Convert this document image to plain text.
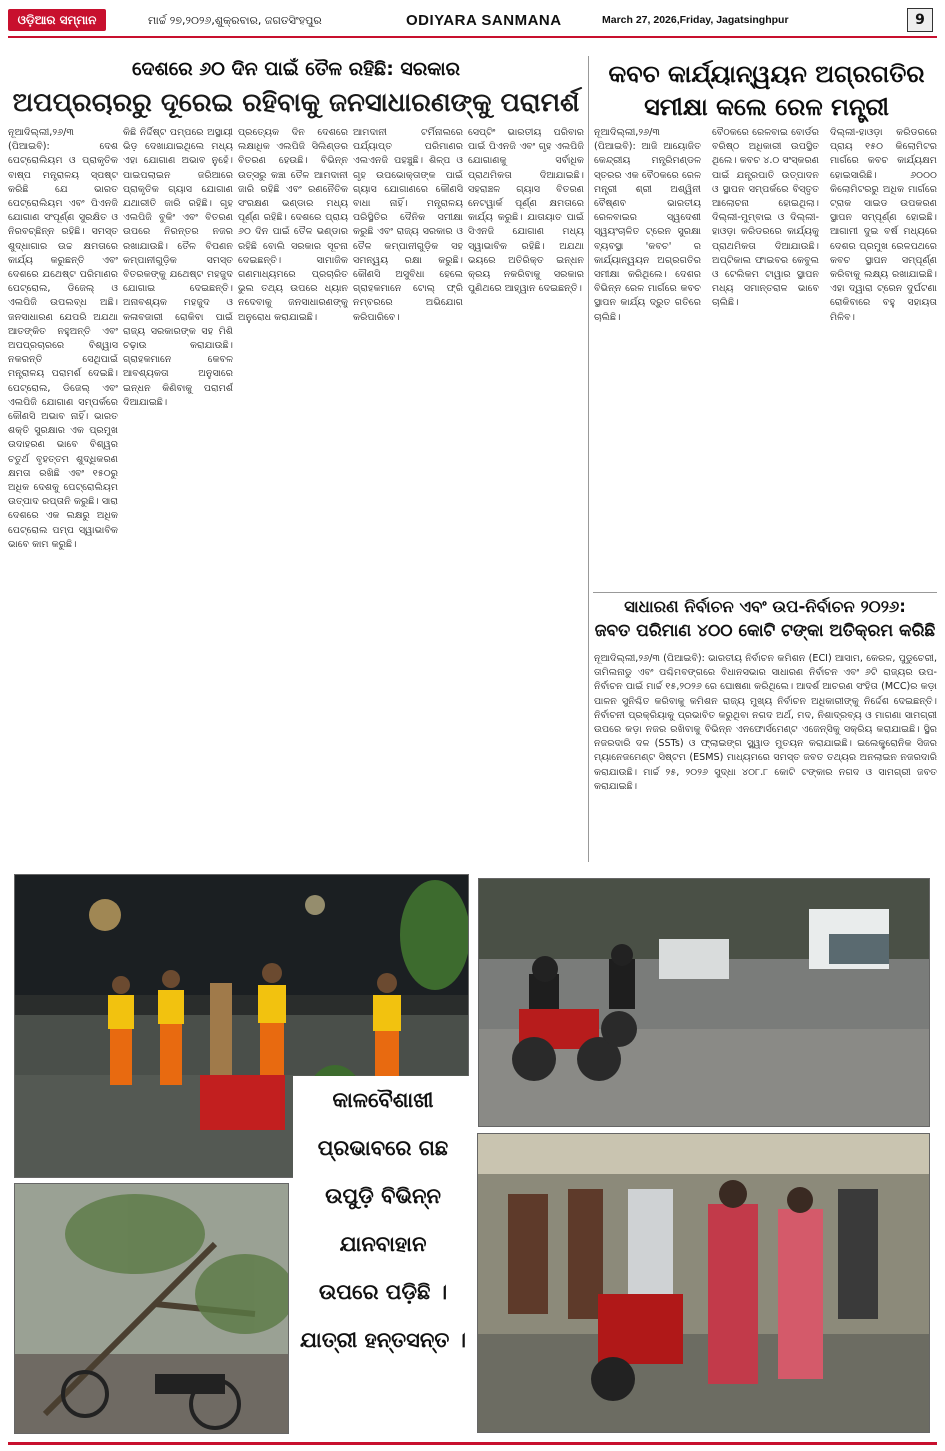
ଓଡ଼ିଆର ସମ୍ମାନ	ମାର୍ଚ୍ଚ ୨୭,୨୦୨୬,ଶୁକ୍ରବାର, ଜଗତସିଂହପୁର	ODIYARA SANMANA	March 27, 2026,Friday, Jagatsinghpur	9
ଦେଶରେ ୬୦ ଦିନ ପାଇଁ ତୈଳ ରହିଛି: ସରକାର
ଅପପ୍ରଚାରରୁ ଦୂରେଇ ରହିବାକୁ ଜନସାଧାରଣଙ୍କୁ ପରାମର୍ଶ
କବଚ କାର୍ଯ୍ୟାନ୍ୱୟନ ଅଗ୍ରଗତିର
ସମୀକ୍ଷା କଲେ ରେଳ ମନ୍ତ୍ରୀ

ନୂଆଦିଲ୍ଲୀ,୨୬/୩ (ପିଆଇବି): ଦେଶ ପେଟ୍ରୋଲିୟମ ଓ ପ୍ରାକୃତିକ ବାଷ୍ପ ମନ୍ତ୍ରାଳୟ ସ୍ପଷ୍ଟ କରିଛି ଯେ ଭାରତ ପେଟ୍ରୋଲିୟମ ଏବଂ ପିଏନଜି ଯୋଗାଣ ସଂପୂର୍ଣ୍ଣ ସୁରକ୍ଷିତ ଓ ନିରବଚ୍ଛିନ୍ନ ରହିଛି। ସମସ୍ତ ଶୁଦ୍ଧାଗାର ଉଚ୍ଚ କ୍ଷମତାରେ କାର୍ଯ୍ୟ କରୁଛନ୍ତି ଏବଂ ଦେଶରେ ଯଥେଷ୍ଟ ପରିମାଣର ପେଟ୍ରୋଲ, ଡିଜେଲ୍ ଓ ଏଲପିଜି ଉପଲବ୍ଧ ଅଛି। ଜନସାଧାରଣ ଯେପରି ଅଯଥା ଆତଙ୍କିତ ନହୁଅନ୍ତି ଏବଂ ଅପପ୍ରଚାରରେ ବିଶ୍ୱାସ ନକରନ୍ତି ସେଥିପାଇଁ ମନ୍ତ୍ରାଳୟ ପରାମର୍ଶ ଦେଇଛି। ପେଟ୍ରୋଲ, ଡିଜେଲ୍ ଏବଂ ଏଲପିଜି ଯୋଗାଣ ସମ୍ପର୍କରେ କୌଣସି ଅଭାବ ନାହିଁ। ଭାରତ ଶକ୍ତି ସୁରକ୍ଷାର ଏକ ପ୍ରମୁଖ ଉଦାହରଣ ଭାବେ ବିଶ୍ୱର ଚତୁର୍ଥ ବୃହତ୍ତମ ଶୁଦ୍ଧିକରଣ କ୍ଷମତା ରଖିଛି ଏବଂ ୧୫୦ରୁ ଅଧିକ ଦେଶକୁ ପେଟ୍ରୋଲିୟମ ଉତ୍ପାଦ ରପ୍ତାନି କରୁଛି। ସାରା ଦେଶରେ ଏକ ଲକ୍ଷରୁ ଅଧିକ ପେଟ୍ରୋଲ ପମ୍ପ ସ୍ୱାଭାବିକ ଭାବେ କାମ କରୁଛି।

କିଛି ନିର୍ଦ୍ଦିଷ୍ଟ ପମ୍ପରେ ଅସ୍ଥାୟୀ ଭିଡ଼ ଦେଖାଯାଇଥିଲେ ମଧ୍ୟ ଏହା ଯୋଗାଣ ଅଭାବ ନୁହେଁ। ପାଇପଲାଇନ ଜରିଆରେ ପ୍ରାକୃତିକ ଗ୍ୟାସ ଯୋଗାଣ ଯଥାରୀତି ଜାରି ରହିଛି। ଗୃହ ଏଲପିଜି ବୁକିଂ ଏବଂ ବିତରଣ ଉପରେ ନିରନ୍ତର ନଜର ରଖାଯାଉଛି। ତୈଳ ବିପଣନ କମ୍ପାନୀଗୁଡ଼ିକ ସମସ୍ତ ବିତରକଙ୍କୁ ଯଥେଷ୍ଟ ମହଜୁଦ ଯୋଗାଇ ଦେଇଛନ୍ତି। ଅନାବଶ୍ୟକ ମହଜୁଦ ଓ କଳାବଜାରୀ ରୋକିବା ପାଇଁ ରାଜ୍ୟ ସରକାରଙ୍କ ସହ ମିଶି ଚଢ଼ାଉ କରାଯାଉଛି। ଗ୍ରାହକମାନେ କେବଳ ଆବଶ୍ୟକତା ଅନୁସାରେ ଇନ୍ଧନ କିଣିବାକୁ ପରାମର୍ଶ ଦିଆଯାଇଛି।

ପ୍ରତ୍ୟେକ ଦିନ ଦେଶରେ ଲକ୍ଷାଧିକ ଏଲପିଜି ସିଲିଣ୍ଡର ବିତରଣ ହେଉଛି। ବିଭିନ୍ନ ଉତ୍ସରୁ କଞ୍ଚା ତୈଳ ଆମଦାନୀ ଜାରି ରହିଛି ଏବଂ ରଣନୈତିକ ସଂରକ୍ଷଣ ଭଣ୍ଡାର ମଧ୍ୟ ପୂର୍ଣ୍ଣ ରହିଛି। ଦେଶରେ ପ୍ରାୟ ୬୦ ଦିନ ପାଇଁ ତୈଳ ଭଣ୍ଡାର ରହିଛି ବୋଲି ସରକାର ସୂଚନା ଦେଇଛନ୍ତି। ସାମାଜିକ ଗଣମାଧ୍ୟମରେ ପ୍ରଚାରିତ ଭୁଲ ତଥ୍ୟ ଉପରେ ଧ୍ୟାନ ନଦେବାକୁ ଜନସାଧାରଣଙ୍କୁ ଅନୁରୋଧ କରାଯାଇଛି।

ଆମଦାନୀ ଟର୍ମିନାଲରେ ପର୍ଯ୍ୟାପ୍ତ ପରିମାଣର ଏଲଏନଜି ପହଞ୍ଚୁଛି। ଶିଳ୍ପ ଓ ଗୃହ ଉପଭୋକ୍ତାଙ୍କ ପାଇଁ ଗ୍ୟାସ ଯୋଗାଣରେ କୌଣସି ବାଧା ନାହିଁ। ମନ୍ତ୍ରାଳୟ ପରିସ୍ଥିତିର ଦୈନିକ ସମୀକ୍ଷା କରୁଛି ଏବଂ ରାଜ୍ୟ ସରକାର ଓ ତୈଳ କମ୍ପାନୀଗୁଡ଼ିକ ସହ ସମନ୍ୱୟ ରକ୍ଷା କରୁଛି। କୌଣସି ଅସୁବିଧା ହେଲେ ଗ୍ରାହକମାନେ ଟୋଲ୍ ଫ୍ରି ନମ୍ବରରେ ଅଭିଯୋଗ କରିପାରିବେ।

ସେପ୍ଟିଂ ଭାରତୀୟ ପରିବାର ପାଇଁ ପିଏନଜି ଏବଂ ଗୃହ ଏଲପିଜି ଯୋଗାଣକୁ ସର୍ବାଧିକ ପ୍ରାଥମିକତା ଦିଆଯାଇଛି। ସହରାଞ୍ଚଳ ଗ୍ୟାସ ବିତରଣ ନେଟୱାର୍କ ପୂର୍ଣ୍ଣ କ୍ଷମତାରେ କାର୍ଯ୍ୟ କରୁଛି। ଯାତାୟାତ ପାଇଁ ସିଏନଜି ଯୋଗାଣ ମଧ୍ୟ ସ୍ୱାଭାବିକ ରହିଛି। ଅଯଥା ଭୟରେ ଅତିରିକ୍ତ ଇନ୍ଧନ କ୍ରୟ ନକରିବାକୁ ସରକାର ପୁଣିଥରେ ଆହ୍ୱାନ ଦେଇଛନ୍ତି।

ନୂଆଦିଲ୍ଲୀ,୨୬/୩ (ପିଆଇବି): ଆଜି ଆୟୋଜିତ କେନ୍ଦ୍ରୀୟ ମନ୍ତ୍ରିମଣ୍ଡଳ ସ୍ତରର ଏକ ବୈଠକରେ ରେଳ ମନ୍ତ୍ରୀ ଶ୍ରୀ ଅଶ୍ୱିନୀ ବୈଷ୍ଣବ ଭାରତୀୟ ରେଳବାଇର ସ୍ୱଦେଶୀ ସ୍ୱୟଂଚାଳିତ ଟ୍ରେନ ସୁରକ୍ଷା ବ୍ୟବସ୍ଥା 'କବଚ' ର କାର୍ଯ୍ୟାନ୍ୱୟନ ଅଗ୍ରଗତିର ସମୀକ୍ଷା କରିଥିଲେ। ଦେଶର ବିଭିନ୍ନ ରେଳ ମାର୍ଗରେ କବଚ ସ୍ଥାପନ କାର୍ଯ୍ୟ ଦ୍ରୁତ ଗତିରେ ଚାଲିଛି।

ବୈଠକରେ ରେଳବାଇ ବୋର୍ଡର ବରିଷ୍ଠ ଅଧିକାରୀ ଉପସ୍ଥିତ ଥିଲେ। କବଚ ୪.୦ ସଂସ୍କରଣ ପାଇଁ ଯନ୍ତ୍ରପାତି ଉତ୍ପାଦନ ଓ ସ୍ଥାପନ ସମ୍ପର୍କରେ ବିସ୍ତୃତ ଆଲୋଚନା ହୋଇଥିଲା। ଦିଲ୍ଲୀ-ମୁମ୍ବାଇ ଓ ଦିଲ୍ଲୀ-ହାଓଡ଼ା କରିଡରରେ କାର୍ଯ୍ୟକୁ ପ୍ରାଥମିକତା ଦିଆଯାଉଛି। ଅପ୍ଟିକାଲ ଫାଇବର କେବୁଲ ଓ ଟେଲିକମ ଟାୱାର ସ୍ଥାପନ ମଧ୍ୟ ସମାନ୍ତରାଳ ଭାବେ ଚାଲିଛି।

ଦିଲ୍ଲୀ-ହାଓଡ଼ା କରିଡରରେ ପ୍ରାୟ ୧୫୦ କିଲୋମିଟର ମାର୍ଗରେ କବଚ କାର୍ଯ୍ୟକ୍ଷମ ହୋଇସାରିଛି। ୬୦୦୦ କିଲୋମିଟରରୁ ଅଧିକ ମାର୍ଗରେ ଟ୍ରାକ ସାଇଡ ଉପକରଣ ସ୍ଥାପନ ସମ୍ପୂର୍ଣ୍ଣ ହୋଇଛି। ଆଗାମୀ ଦୁଇ ବର୍ଷ ମଧ୍ୟରେ ଦେଶର ପ୍ରମୁଖ ରେଳପଥରେ କବଚ ସ୍ଥାପନ ସମ୍ପୂର୍ଣ୍ଣ କରିବାକୁ ଲକ୍ଷ୍ୟ ରଖାଯାଇଛି। ଏହା ଦ୍ୱାରା ଟ୍ରେନ ଦୁର୍ଘଟଣା ରୋକିବାରେ ବହୁ ସହାୟତା ମିଳିବ।

ସାଧାରଣ ନିର୍ବାଚନ ଏବଂ ଉପ-ନିର୍ବାଚନ ୨୦୨୬:
ଜବତ ପରିମାଣ ୪୦୦ କୋଟି ଟଙ୍କା ଅତିକ୍ରମ କରିଛି

ନୂଆଦିଲ୍ଲୀ,୨୬/୩ (ପିଆଇବି): ଭାରତୀୟ ନିର୍ବାଚନ କମିଶନ (ECI) ଆସାମ, କେରଳ, ପୁଡୁଚେରୀ, ତାମିଲନାଡୁ ଏବଂ ପଶ୍ଚିମବଙ୍ଗରେ ବିଧାନସଭାର ସାଧାରଣ ନିର୍ବାଚନ ଏବଂ ୬ଟି ରାଜ୍ୟର ଉପ-ନିର୍ବାଚନ ପାଇଁ ମାର୍ଚ୍ଚ ୧୫,୨୦୨୬ ରେ ଘୋଷଣା କରିଥିଲେ। ଆଦର୍ଶ ଆଚରଣ ସଂହିତା (MCC)ର କଡ଼ା ପାଳନ ସୁନିଶ୍ଚିତ କରିବାକୁ କମିଶନ ରାଜ୍ୟ ମୁଖ୍ୟ ନିର୍ବାଚନ ଅଧିକାରୀଙ୍କୁ ନିର୍ଦ୍ଦେଶ ଦେଇଛନ୍ତି। ନିର୍ବାଚନୀ ପ୍ରକ୍ରିୟାକୁ ପ୍ରଭାବିତ କରୁଥିବା ନଗଦ ଅର୍ଥ, ମଦ, ନିଶାଦ୍ରବ୍ୟ ଓ ମାଗଣା ସାମଗ୍ରୀ ଉପରେ କଡ଼ା ନଜର ରଖିବାକୁ ବିଭିନ୍ନ ଏନଫୋର୍ସମେଣ୍ଟ ଏଜେନ୍ସିକୁ ସକ୍ରିୟ କରାଯାଇଛି। ସ୍ଥିର ନଜରଦାରି ଦଳ (SSTs) ଓ ଫ୍ଲାଇଙ୍ଗ ସ୍କ୍ୱାଡ ମୁତୟନ କରାଯାଇଛି। ଇଲେକ୍ଟ୍ରୋନିକ ସିଜର ମ୍ୟାନେଜମେଣ୍ଟ ସିଷ୍ଟମ (ESMS) ମାଧ୍ୟମରେ ସମସ୍ତ ଜବତ ତଥ୍ୟର ଅନଲାଇନ ନଜରଦାରି କରାଯାଉଛି। ମାର୍ଚ୍ଚ ୨୫, ୨୦୨୬ ସୁଦ୍ଧା ୪୦୮.୮ କୋଟି ଟଙ୍କାର ନଗଦ ଓ ସାମଗ୍ରୀ ଜବତ କରାଯାଇଛି।

କାଳବୈଶାଖୀ
ପ୍ରଭାବରେ ଗଛ
ଉପୁଡ଼ି ବିଭିନ୍ନ
ଯାନବାହାନ
ଉପରେ ପଡ଼ିଛି ।
ଯାତ୍ରୀ ହନ୍ତସନ୍ତ ।
